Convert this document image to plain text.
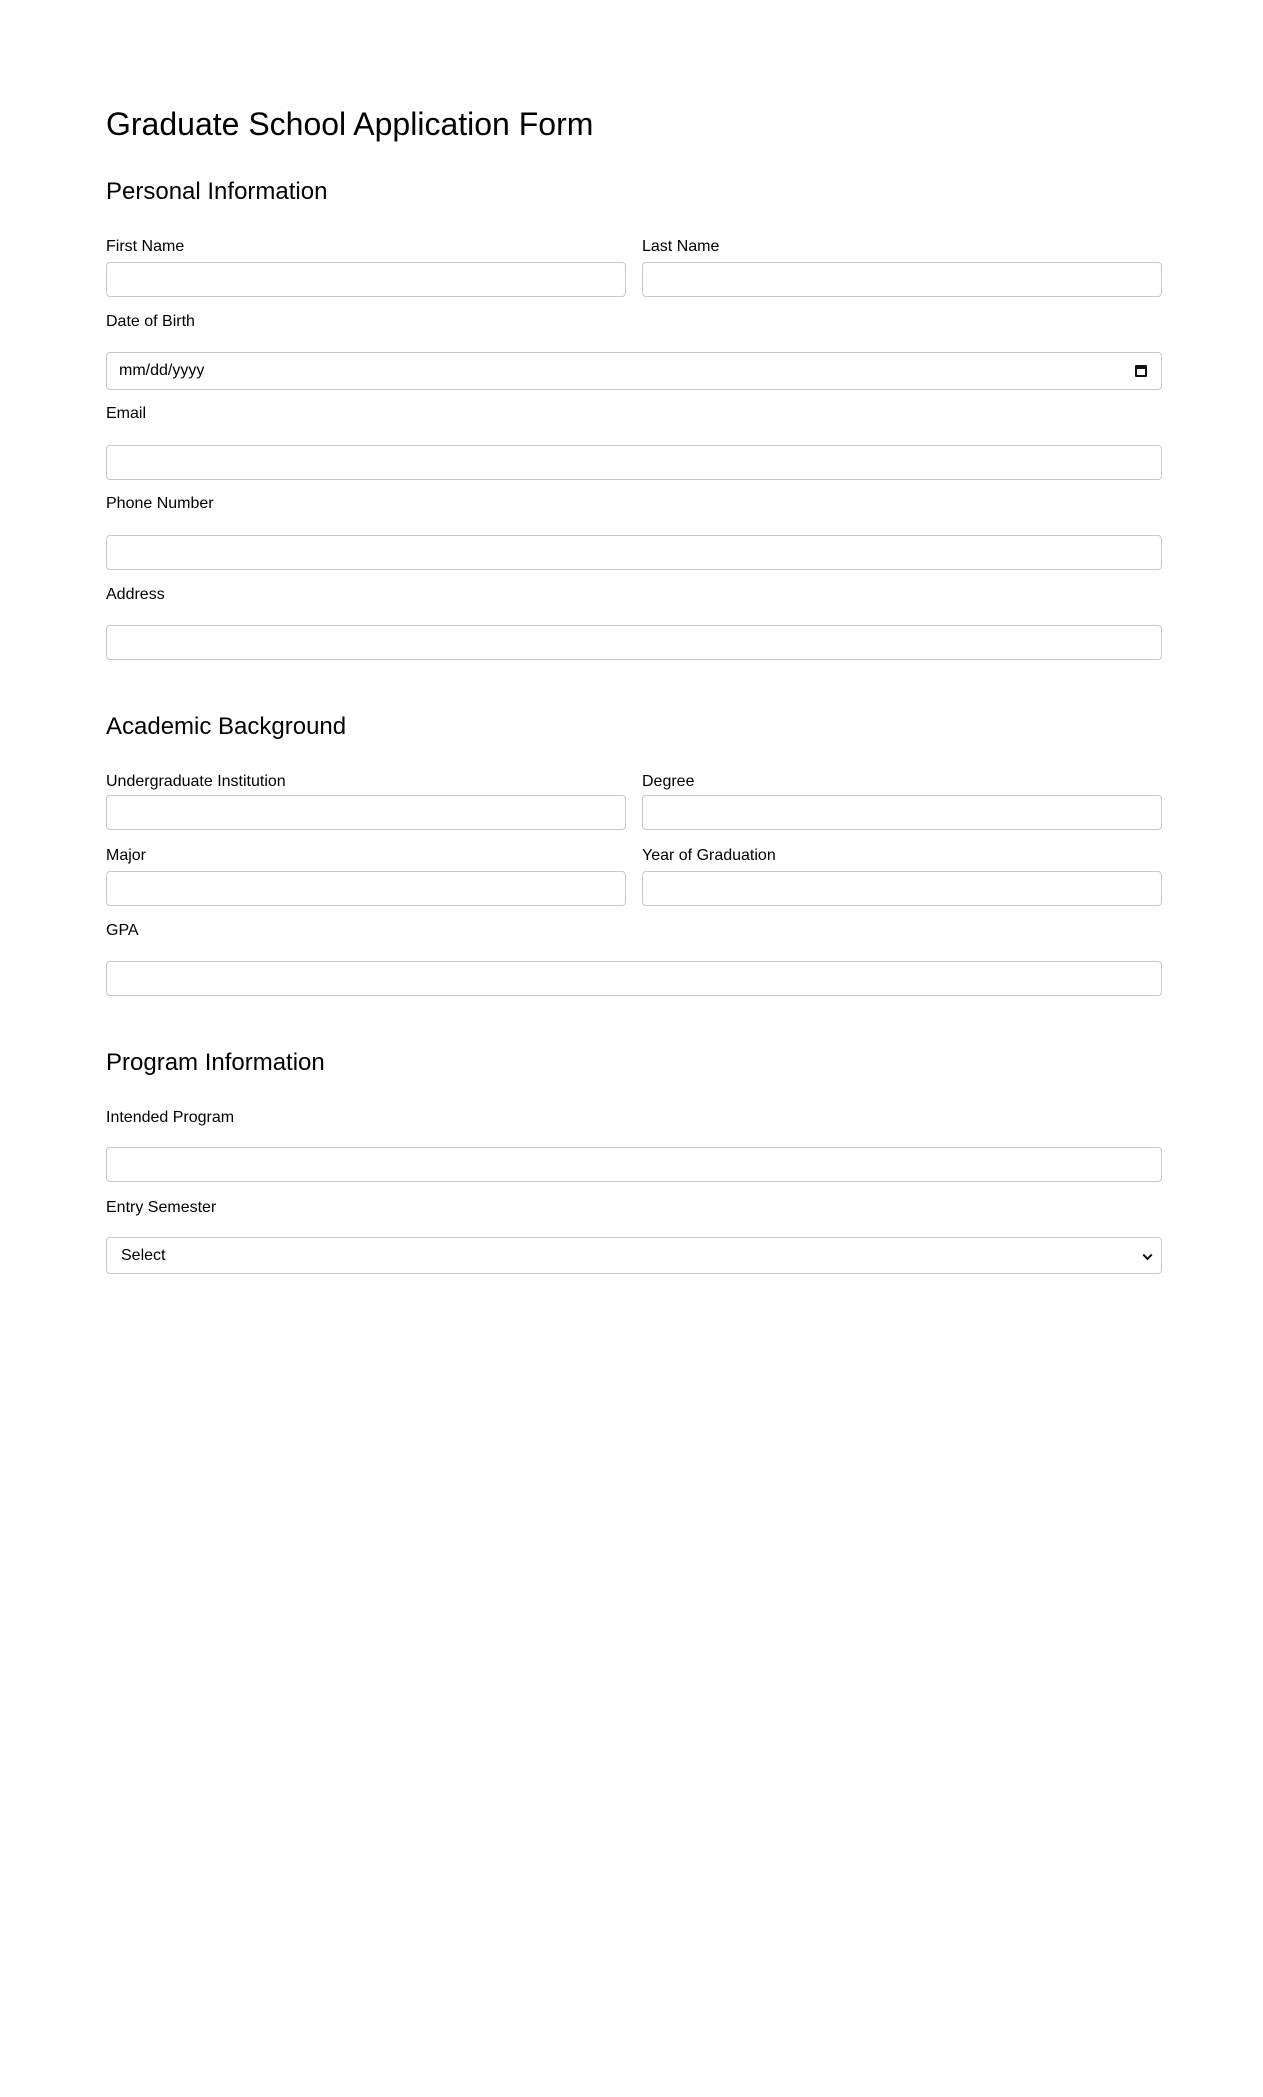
Graduate School Application Form
Personal Information
First Name	Last Name
Date of Birth
mm/dd/yyyy
Email
Phone Number
Address
Academic Background
Undergraduate Institution	Degree
Major	Year of Graduation
GPA
Program Information
Intended Program
Entry Semester
Select
